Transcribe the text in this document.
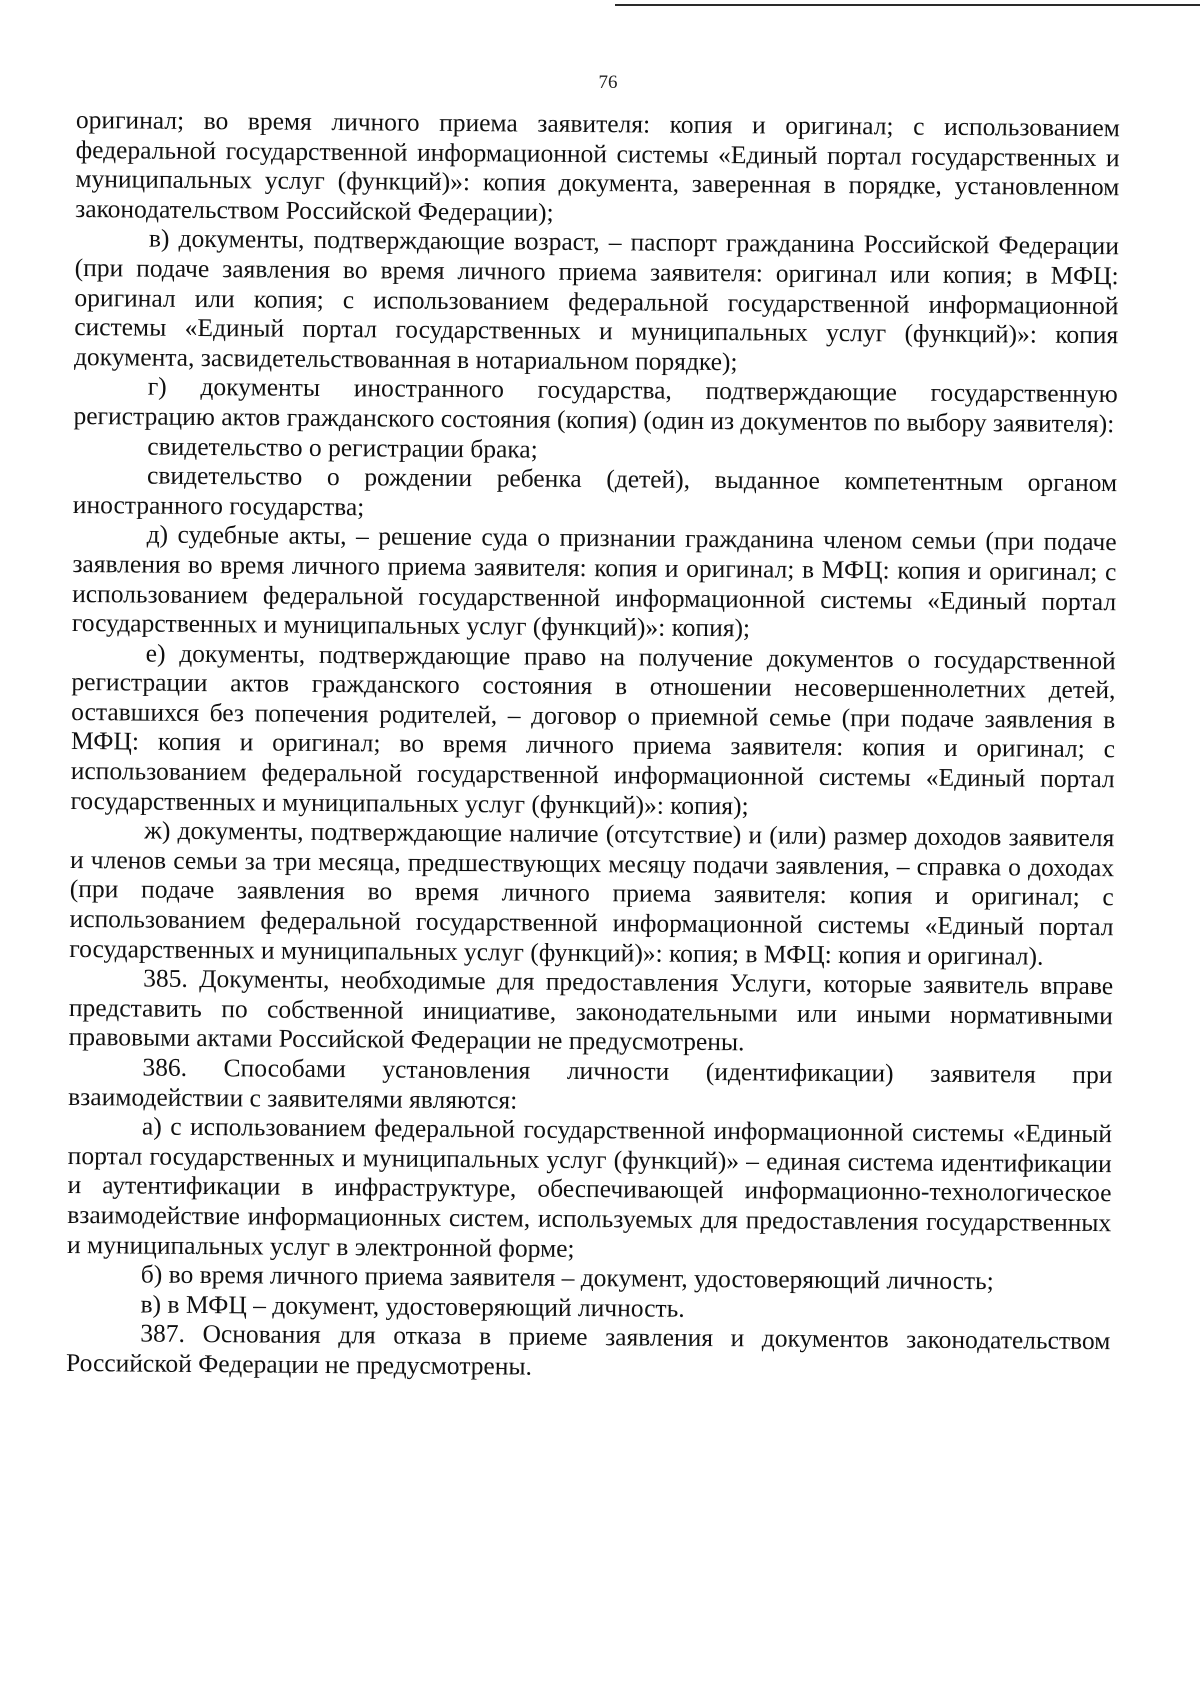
76

оригинал; во время личного приема заявителя: копия и оригинал; с использованием федеральной государственной информационной системы «Единый портал государственных и муниципальных услуг (функций)»: копия документа, заверенная в порядке, установленном законодательством Российской Федерации);

в) документы, подтверждающие возраст, – паспорт гражданина Российской Федерации (при подаче заявления во время личного приема заявителя: оригинал или копия; в МФЦ: оригинал или копия; с использованием федеральной государственной информационной системы «Единый портал государственных и муниципальных услуг (функций)»: копия документа, засвидетельствованная в нотариальном порядке);

г) документы иностранного государства, подтверждающие государственную регистрацию актов гражданского состояния (копия) (один из документов по выбору заявителя):

свидетельство о регистрации брака;

свидетельство о рождении ребенка (детей), выданное компетентным органом иностранного государства;

д) судебные акты, – решение суда о признании гражданина членом семьи (при подаче заявления во время личного приема заявителя: копия и оригинал; в МФЦ: копия и оригинал; с использованием федеральной государственной информационной системы «Единый портал государственных и муниципальных услуг (функций)»: копия);

е) документы, подтверждающие право на получение документов о государственной регистрации актов гражданского состояния в отношении несовершеннолетних детей, оставшихся без попечения родителей, – договор о приемной семье (при подаче заявления в МФЦ: копия и оригинал; во время личного приема заявителя: копия и оригинал; с использованием федеральной государственной информационной системы «Единый портал государственных и муниципальных услуг (функций)»: копия);

ж) документы, подтверждающие наличие (отсутствие) и (или) размер доходов заявителя и членов семьи за три месяца, предшествующих месяцу подачи заявления, – справка о доходах (при подаче заявления во время личного приема заявителя: копия и оригинал; с использованием федеральной государственной информационной системы «Единый портал государственных и муниципальных услуг (функций)»: копия; в МФЦ: копия и оригинал).

385. Документы, необходимые для предоставления Услуги, которые заявитель вправе представить по собственной инициативе, законодательными или иными нормативными правовыми актами Российской Федерации не предусмотрены.

386. Способами установления личности (идентификации) заявителя при взаимодействии с заявителями являются:

а) с использованием федеральной государственной информационной системы «Единый портал государственных и муниципальных услуг (функций)» – единая система идентификации и аутентификации в инфраструктуре, обеспечивающей информационно-технологическое взаимодействие информационных систем, используемых для предоставления государственных и муниципальных услуг в электронной форме;

б) во время личного приема заявителя – документ, удостоверяющий личность;

в) в МФЦ – документ, удостоверяющий личность.

387. Основания для отказа в приеме заявления и документов законодательством Российской Федерации не предусмотрены.
